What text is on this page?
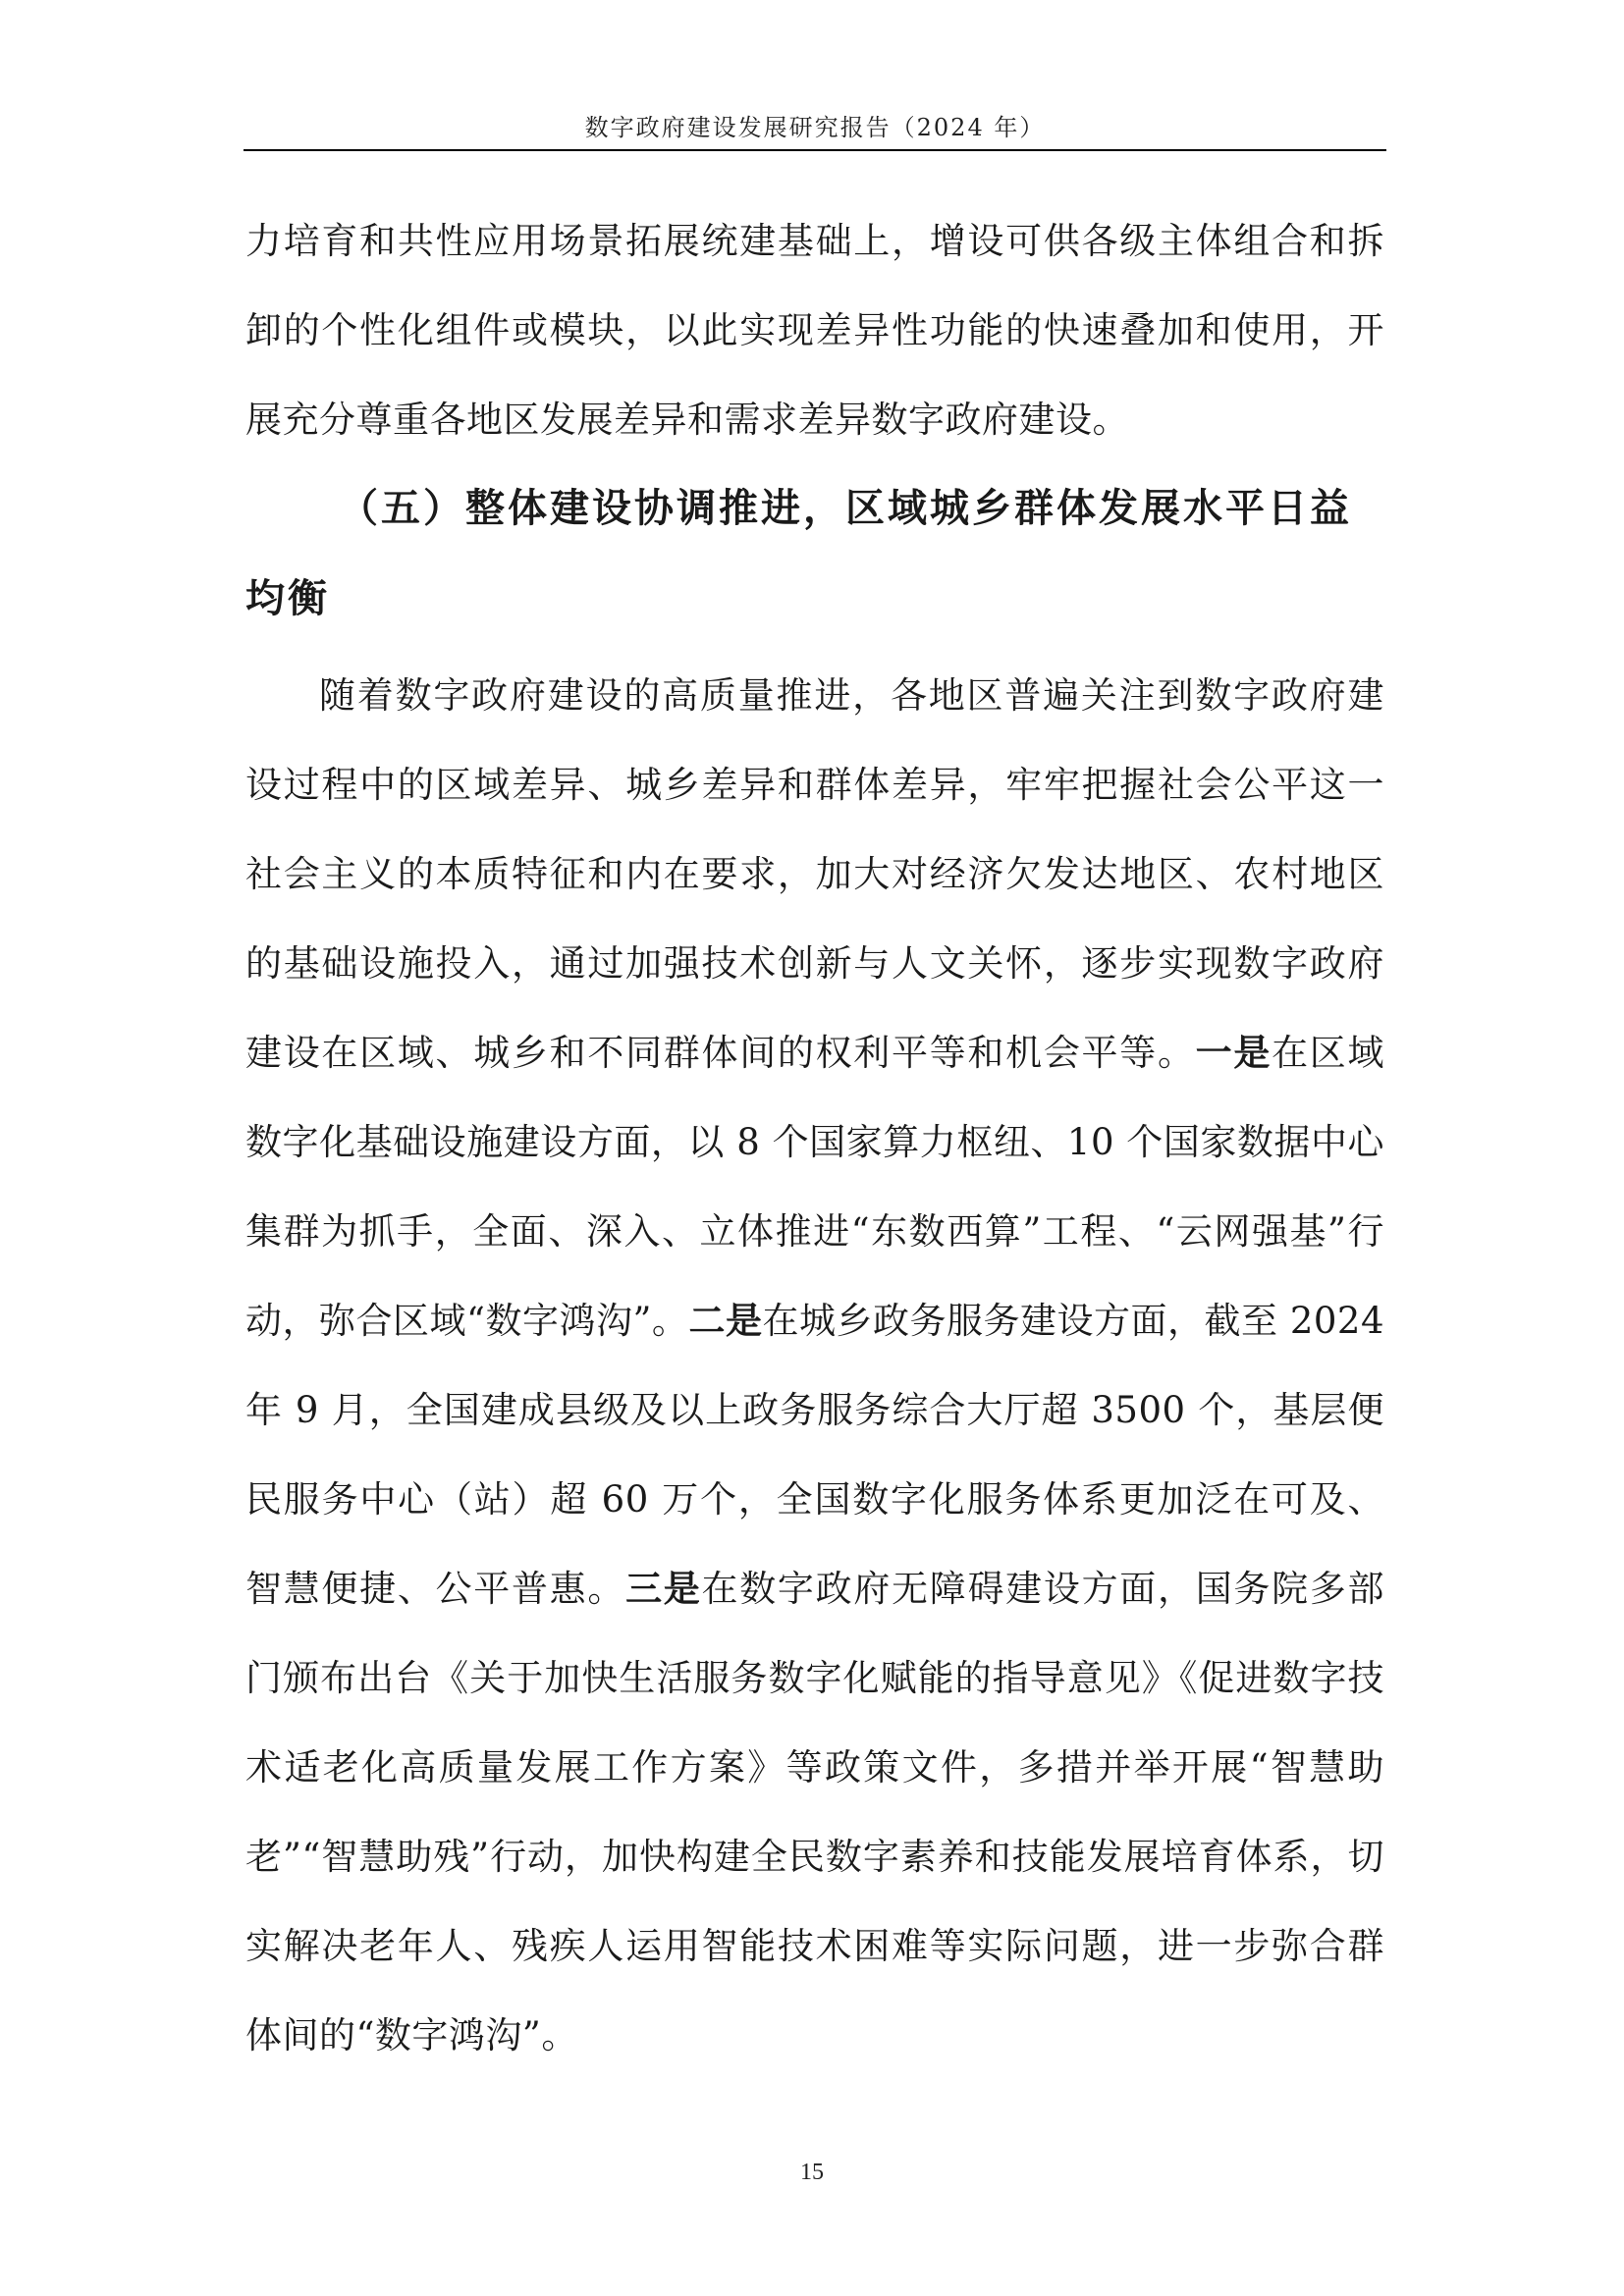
数字政府建设发展研究报告（2024 年）

力培育和共性应用场景拓展统建基础上，增设可供各级主体组合和拆卸的个性化组件或模块，以此实现差异性功能的快速叠加和使用，开展充分尊重各地区发展差异和需求差异数字政府建设。

（五）整体建设协调推进，区域城乡群体发展水平日益均衡

随着数字政府建设的高质量推进，各地区普遍关注到数字政府建设过程中的区域差异、城乡差异和群体差异，牢牢把握社会公平这一社会主义的本质特征和内在要求，加大对经济欠发达地区、农村地区的基础设施投入，通过加强技术创新与人文关怀，逐步实现数字政府建设在区域、城乡和不同群体间的权利平等和机会平等。一是在区域数字化基础设施建设方面，以 8 个国家算力枢纽、10 个国家数据中心集群为抓手，全面、深入、立体推进“东数西算”工程、“云网强基”行动，弥合区域“数字鸿沟”。二是在城乡政务服务建设方面，截至 2024 年 9 月，全国建成县级及以上政务服务综合大厅超 3500 个，基层便民服务中心（站）超 60 万个，全国数字化服务体系更加泛在可及、智慧便捷、公平普惠。三是在数字政府无障碍建设方面，国务院多部门颁布出台《关于加快生活服务数字化赋能的指导意见》《促进数字技术适老化高质量发展工作方案》等政策文件，多措并举开展“智慧助老”“智慧助残”行动，加快构建全民数字素养和技能发展培育体系，切实解决老年人、残疾人运用智能技术困难等实际问题，进一步弥合群体间的“数字鸿沟”。

15
